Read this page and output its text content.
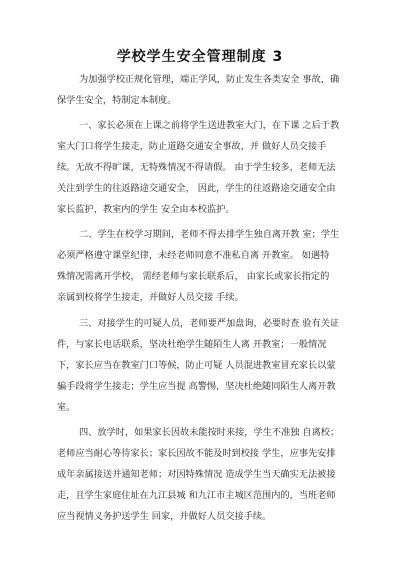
学校学生安全管理制度 3
为加强学校正规化管理，端正学风，防止发生各类安全 事故，确
保学生安全，特制定本制度。
一、家长必须在上课之前将学生送进教室大门，在下课 之后于教
室大门口将学生接走，防止道路交通安全事故，并 做好人员交接手
续。无故不得旷课，无特殊情况不得请假。 由于学生较多，老师无法
关注到学生的往返路途交通安全， 因此，学生的往返路途交通安全由
家长监护，教室内的学生 安全由本校监护。
二、学生在校学习期间，老师不得去排学生独自离开教 室；学生
必须严格遵守课堂纪律，未经老师同意不准私自离 开教室。 如遇特
殊情况需离开学校， 需经老师与家长联系后， 由家长或家长指定的
亲属到校将学生接走，并做好人员交接 手续。
三、对接学生的可疑人员，老师要严加盘询，必要时查 验有关证
件，与家长电话联系，坚决杜绝学生随陌生人离 开教室；一般情况
下，家长应当在教室门口等候，防止可疑 人员混进教室冒充家长以蒙
骗手段将学生接走；学生应当提 高警惕，坚决杜绝随同陌生人离开教
室。
四、放学时，如果家长因故未能按时来接，学生不准独 自离校；
老师应当耐心等待家长；家长因故不能及时到校接 学生，应事先安排
成年亲属接送并通知老师；对因特殊情况 造成学生当天确实无法被接
走，且学生家庭住址在九江县城 和九江市主城区范围内的，当班老师
应当视情义务护送学生 回家，并做好人员交接手续。
